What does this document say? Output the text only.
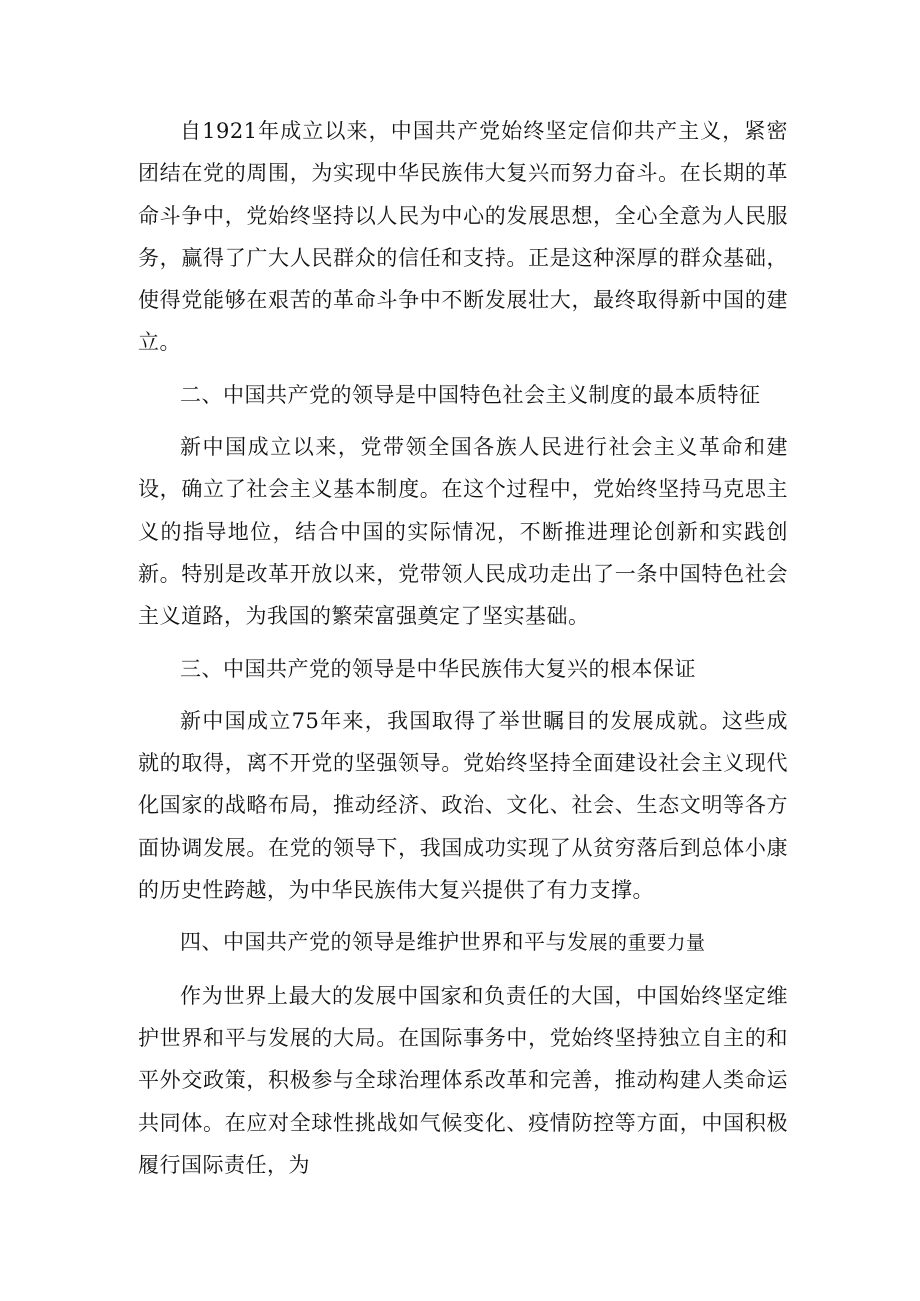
自1921年成立以来，中国共产党始终坚定信仰共产主义，紧密团结在党的周围，为实现中华民族伟大复兴而努力奋斗。在长期的革命斗争中，党始终坚持以人民为中心的发展思想，全心全意为人民服务，赢得了广大人民群众的信任和支持。正是这种深厚的群众基础，使得党能够在艰苦的革命斗争中不断发展壮大，最终取得新中国的建立。

二、中国共产党的领导是中国特色社会主义制度的最本质特征

新中国成立以来，党带领全国各族人民进行社会主义革命和建设，确立了社会主义基本制度。在这个过程中，党始终坚持马克思主义的指导地位，结合中国的实际情况，不断推进理论创新和实践创新。特别是改革开放以来，党带领人民成功走出了一条中国特色社会主义道路，为我国的繁荣富强奠定了坚实基础。

三、中国共产党的领导是中华民族伟大复兴的根本保证

新中国成立75年来，我国取得了举世瞩目的发展成就。这些成就的取得，离不开党的坚强领导。党始终坚持全面建设社会主义现代化国家的战略布局，推动经济、政治、文化、社会、生态文明等各方面协调发展。在党的领导下，我国成功实现了从贫穷落后到总体小康的历史性跨越，为中华民族伟大复兴提供了有力支撑。

四、中国共产党的领导是维护世界和平与发展的重要力量

作为世界上最大的发展中国家和负责任的大国，中国始终坚定维护世界和平与发展的大局。在国际事务中，党始终坚持独立自主的和平外交政策，积极参与全球治理体系改革和完善，推动构建人类命运共同体。在应对全球性挑战如气候变化、疫情防控等方面，中国积极履行国际责任，为
